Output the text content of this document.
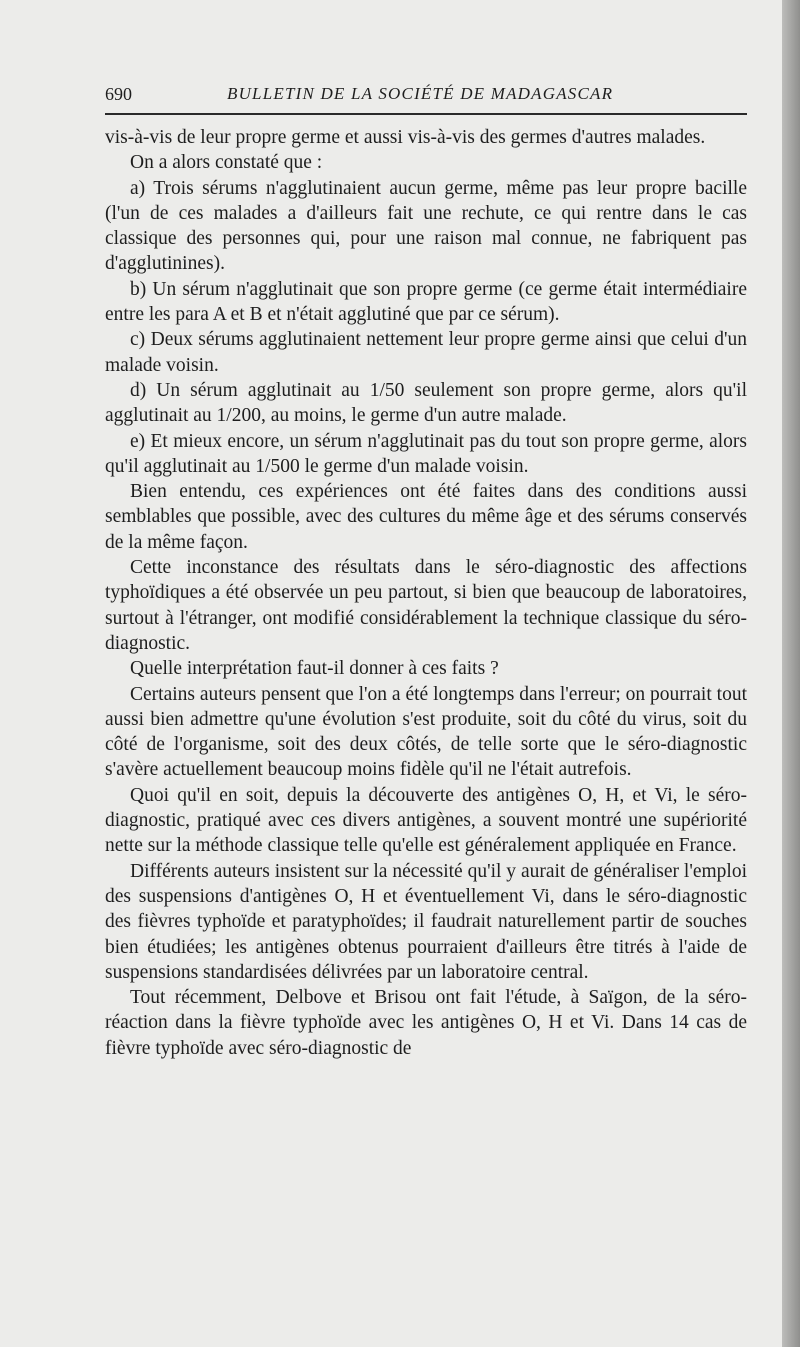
690	BULLETIN DE LA SOCIÉTÉ DE MADAGASCAR

vis-à-vis de leur propre germe et aussi vis-à-vis des germes d'autres malades.

On a alors constaté que :

a) Trois sérums n'agglutinaient aucun germe, même pas leur propre bacille (l'un de ces malades a d'ailleurs fait une rechute, ce qui rentre dans le cas classique des personnes qui, pour une raison mal connue, ne fabriquent pas d'agglutinines).

b) Un sérum n'agglutinait que son propre germe (ce germe était intermédiaire entre les para A et B et n'était agglutiné que par ce sérum).

c) Deux sérums agglutinaient nettement leur propre germe ainsi que celui d'un malade voisin.

d) Un sérum agglutinait au 1/50 seulement son propre germe, alors qu'il agglutinait au 1/200, au moins, le germe d'un autre malade.

e) Et mieux encore, un sérum n'agglutinait pas du tout son propre germe, alors qu'il agglutinait au 1/500 le germe d'un malade voisin.

Bien entendu, ces expériences ont été faites dans des conditions aussi semblables que possible, avec des cultures du même âge et des sérums conservés de la même façon.

Cette inconstance des résultats dans le séro-diagnostic des affections typhoïdiques a été observée un peu partout, si bien que beaucoup de laboratoires, surtout à l'étranger, ont modifié considérablement la technique classique du séro-diagnostic.

Quelle interprétation faut-il donner à ces faits ?

Certains auteurs pensent que l'on a été longtemps dans l'erreur; on pourrait tout aussi bien admettre qu'une évolution s'est produite, soit du côté du virus, soit du côté de l'organisme, soit des deux côtés, de telle sorte que le séro-diagnostic s'avère actuellement beaucoup moins fidèle qu'il ne l'était autrefois.

Quoi qu'il en soit, depuis la découverte des antigènes O, H, et Vi, le séro-diagnostic, pratiqué avec ces divers antigènes, a souvent montré une supériorité nette sur la méthode classique telle qu'elle est généralement appliquée en France.

Différents auteurs insistent sur la nécessité qu'il y aurait de généraliser l'emploi des suspensions d'antigènes O, H et éventuellement Vi, dans le séro-diagnostic des fièvres typhoïde et paratyphoïdes; il faudrait naturellement partir de souches bien étudiées; les antigènes obtenus pourraient d'ailleurs être titrés à l'aide de suspensions standardisées délivrées par un laboratoire central.

Tout récemment, Delbove et Brisou ont fait l'étude, à Saïgon, de la séro-réaction dans la fièvre typhoïde avec les antigènes O, H et Vi. Dans 14 cas de fièvre typhoïde avec séro-diagnostic de
